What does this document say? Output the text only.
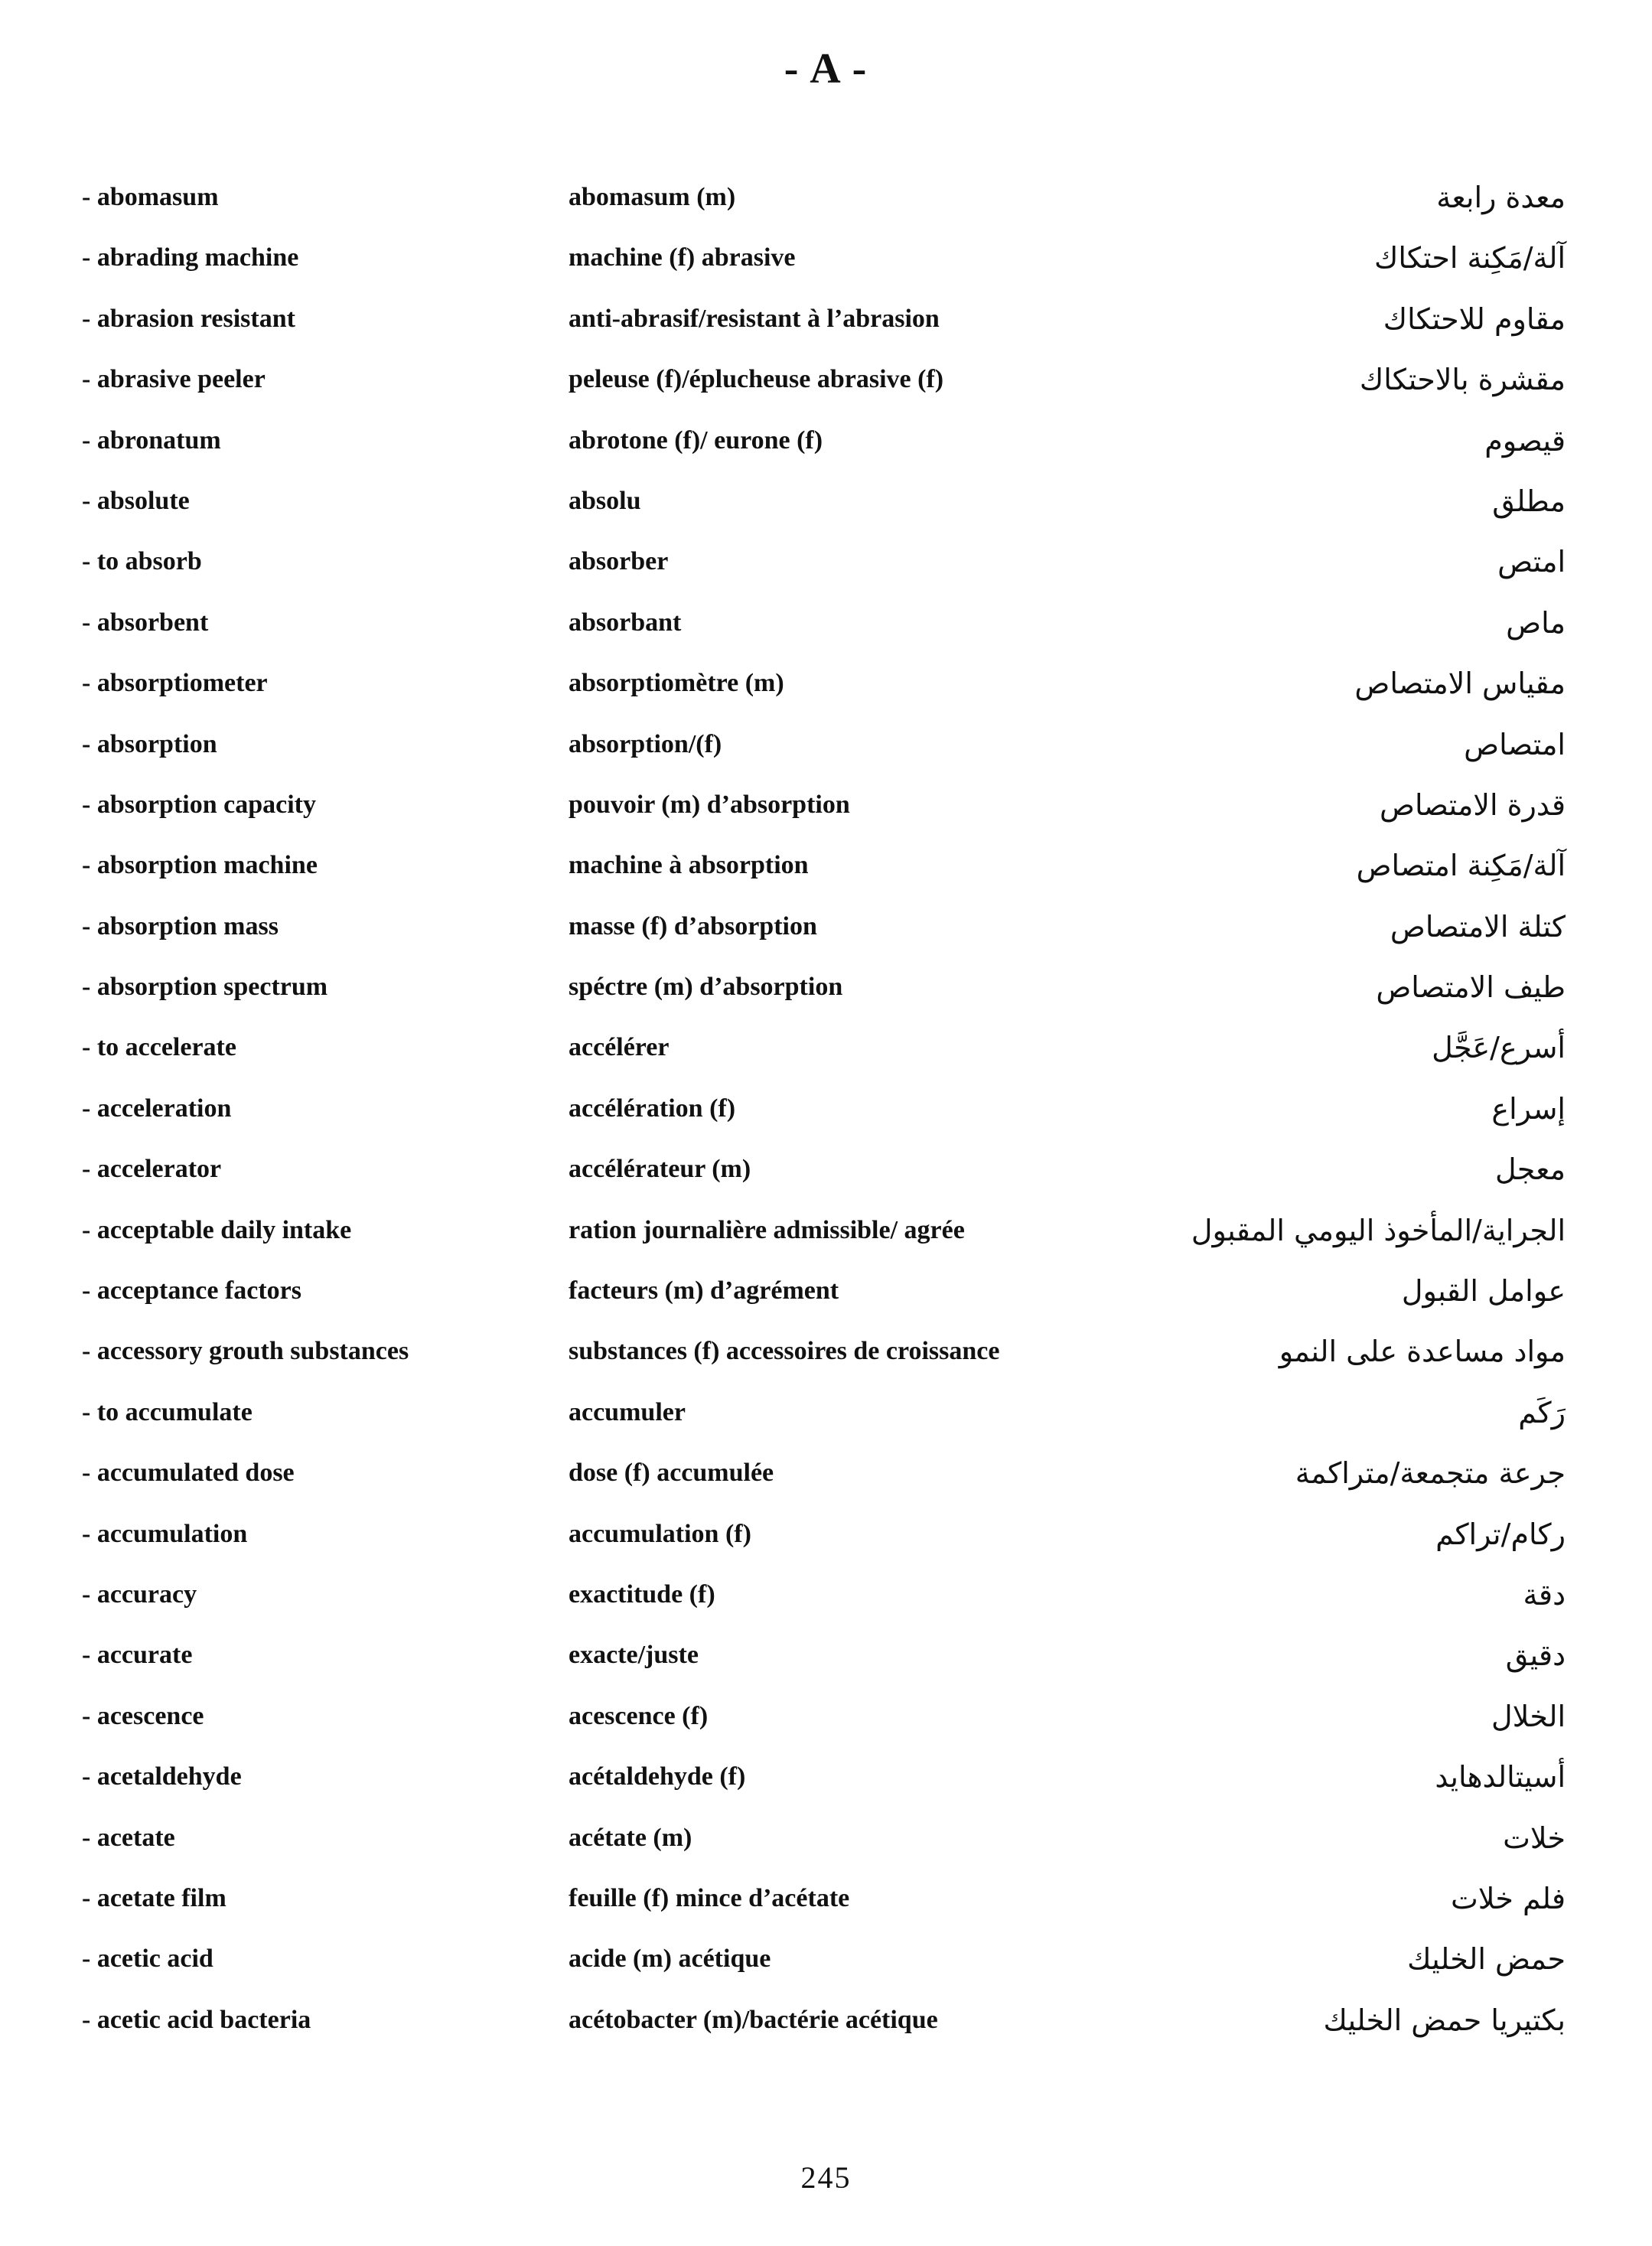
- A -
- abomasum	abomasum (m)	معدة رابعة
- abrading machine	machine (f) abrasive	آلة/مَكِنة احتكاك
- abrasion resistant	anti-abrasif/resistant à l’abrasion	مقاوم للاحتكاك
- abrasive peeler	peleuse (f)/éplucheuse abrasive (f)	مقشرة بالاحتكاك
- abronatum	abrotone (f)/ eurone (f)	قيصوم
- absolute	absolu	مطلق
- to absorb	absorber	امتص
- absorbent	absorbant	ماص
- absorptiometer	absorptiomètre (m)	مقياس الامتصاص
- absorption	absorption/(f)	امتصاص
- absorption capacity	pouvoir (m) d’absorption	قدرة الامتصاص
- absorption machine	machine à absorption	آلة/مَكِنة امتصاص
- absorption mass	masse (f) d’absorption	كتلة الامتصاص
- absorption spectrum	spéctre (m) d’absorption	طيف الامتصاص
- to accelerate	accélérer	أسرع/عَجَّل
- acceleration	accélération (f)	إسراع
- accelerator	accélérateur (m)	معجل
- acceptable daily intake	ration journalière admissible/ agrée	الجراية/المأخوذ اليومي المقبول
- acceptance factors	facteurs (m) d’agrément	عوامل القبول
- accessory grouth substances	substances (f) accessoires de croissance	مواد مساعدة على النمو
- to accumulate	accumuler	رَكَم
- accumulated dose	dose (f) accumulée	جرعة متجمعة/متراكمة
- accumulation	accumulation (f)	ركام/تراكم
- accuracy	exactitude (f)	دقة
- accurate	exacte/juste	دقيق
- acescence	acescence (f)	الخلال
- acetaldehyde	acétaldehyde (f)	أسيتالدهايد
- acetate	acétate (m)	خلات
- acetate film	feuille (f) mince d’acétate	فلم خلات
- acetic acid	acide (m) acétique	حمض الخليك
- acetic acid bacteria	acétobacter (m)/bactérie acétique	بكتيريا حمض الخليك
245
